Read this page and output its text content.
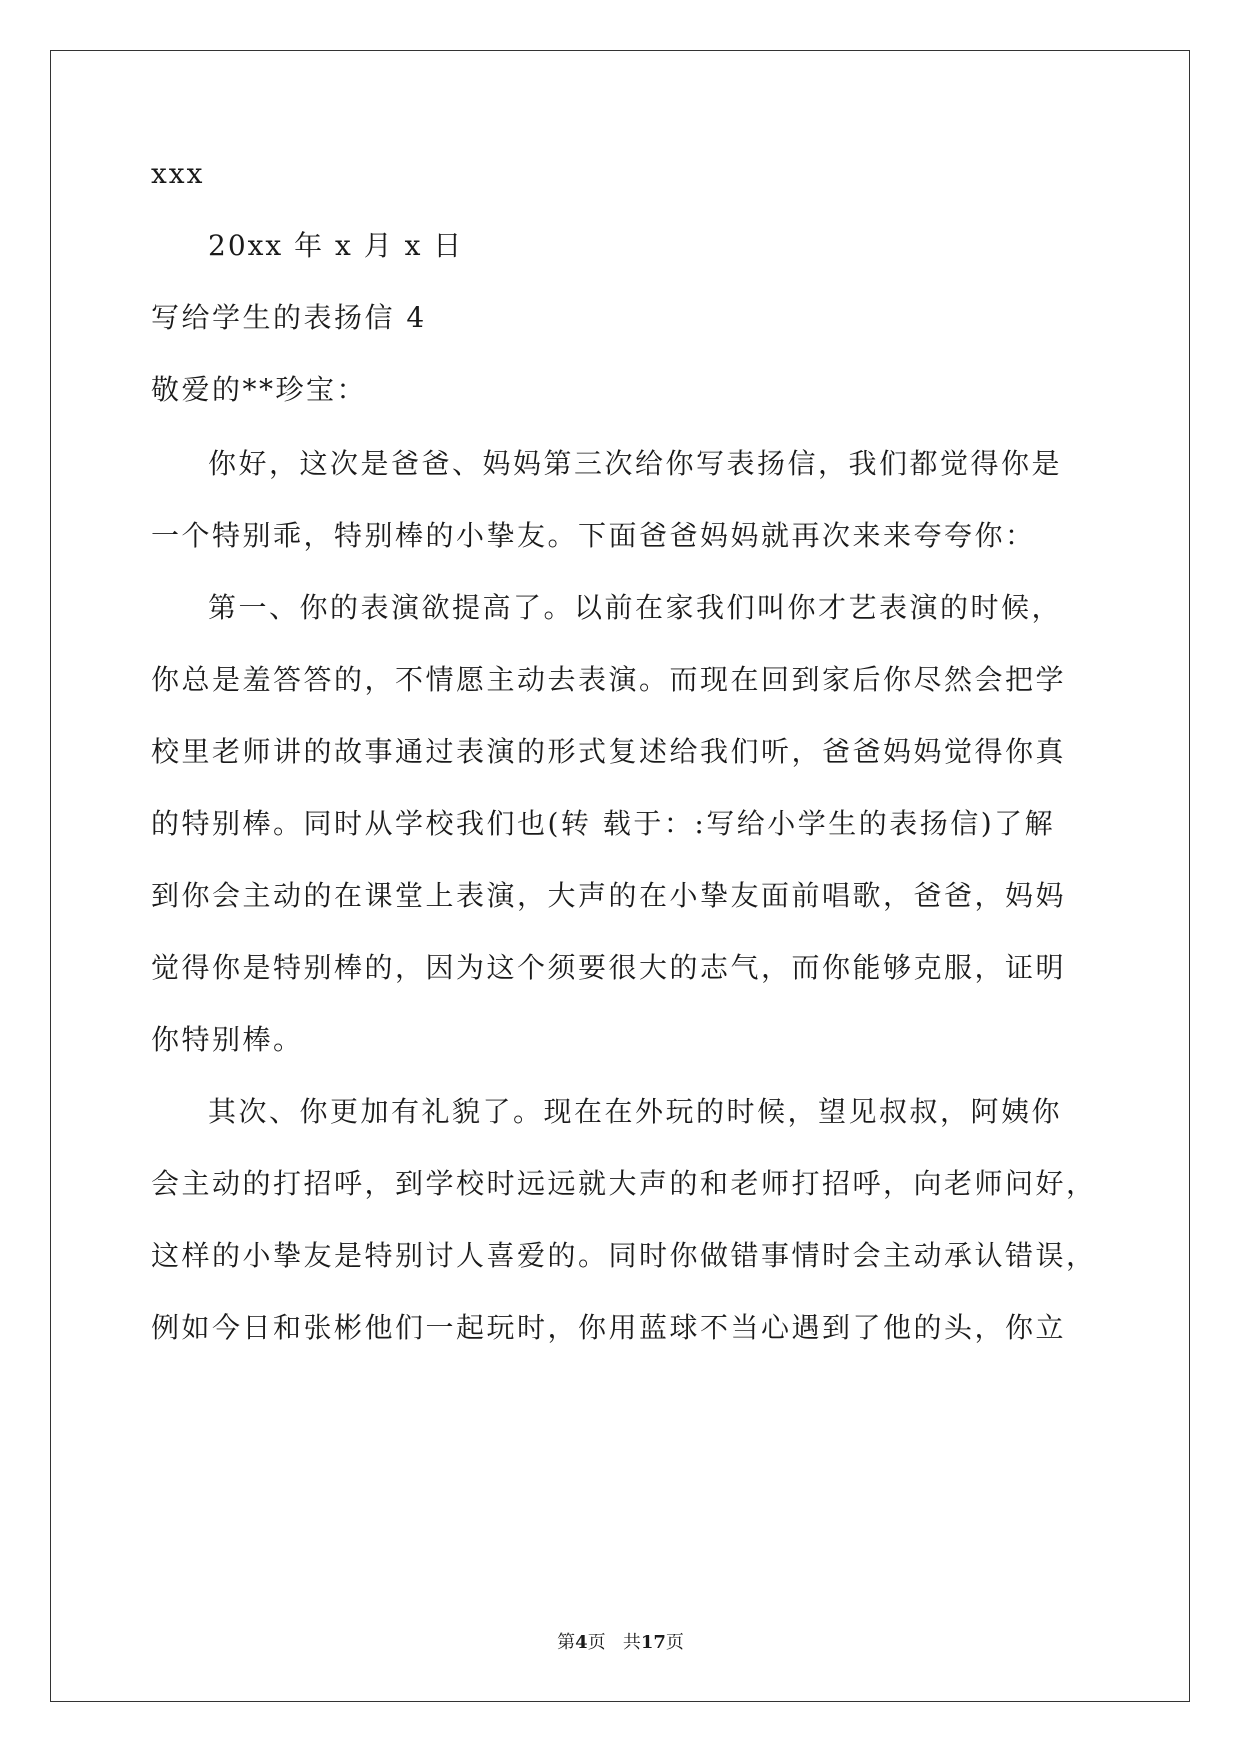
xxx
20xx 年 x 月 x 日
写给学生的表扬信 4
敬爱的**珍宝：
你好，这次是爸爸、妈妈第三次给你写表扬信，我们都觉得你是
一个特别乖，特别棒的小挚友。下面爸爸妈妈就再次来来夸夸你：
第一、你的表演欲提高了。以前在家我们叫你才艺表演的时候，
你总是羞答答的，不情愿主动去表演。而现在回到家后你尽然会把学
校里老师讲的故事通过表演的形式复述给我们听，爸爸妈妈觉得你真
的特别棒。同时从学校我们也(转 载于：:写给小学生的表扬信)了解
到你会主动的在课堂上表演，大声的在小挚友面前唱歌，爸爸，妈妈
觉得你是特别棒的，因为这个须要很大的志气，而你能够克服，证明
你特别棒。
其次、你更加有礼貌了。现在在外玩的时候，望见叔叔，阿姨你
会主动的打招呼，到学校时远远就大声的和老师打招呼，向老师问好，
这样的小挚友是特别讨人喜爱的。同时你做错事情时会主动承认错误，
例如今日和张彬他们一起玩时，你用蓝球不当心遇到了他的头，你立
第4页 共17页
